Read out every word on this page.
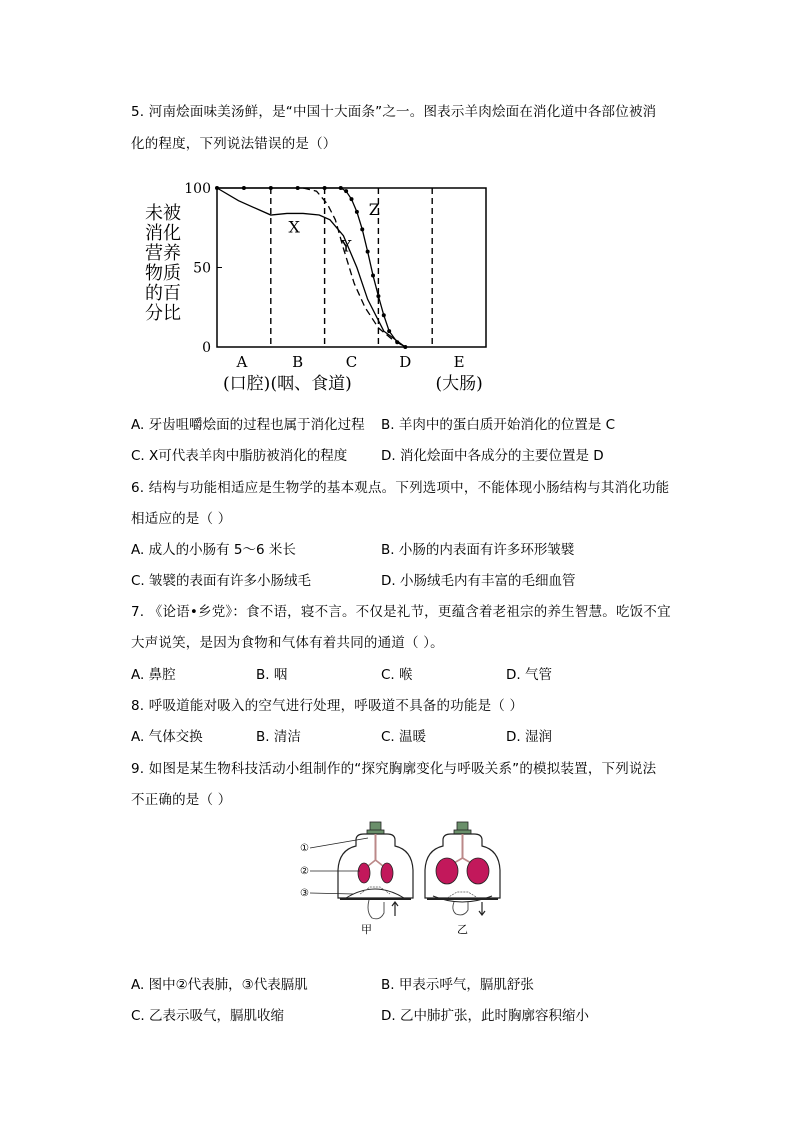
5. 河南烩面味美汤鲜，是“中国十大面条”之一。图表示羊肉烩面在消化道中各部位被消
化的程度，下列说法错误的是（）
100
50
0
未被
消化
营养
物质
的百
分比
A	B	C	D	E
(口腔) (咽、食道)	(大肠)
X
Y
Z
A. 牙齿咀嚼烩面的过程也属于消化过程 B. 羊肉中的蛋白质开始消化的位置是 C
C. X可代表羊肉中脂肪被消化的程度 D. 消化烩面中各成分的主要位置是 D
6. 结构与功能相适应是生物学的基本观点。下列选项中，不能体现小肠结构与其消化功能
相适应的是（ ）
A. 成人的小肠有 5～6 米长	B. 小肠的内表面有许多环形皱襞
C. 皱襞的表面有许多小肠绒毛	D. 小肠绒毛内有丰富的毛细血管
7. 《论语•乡党》：食不语，寝不言。不仅是礼节，更蕴含着老祖宗的养生智慧。吃饭不宜
大声说笑，是因为食物和气体有着共同的通道（ ）。
A. 鼻腔	B. 咽	C. 喉	D. 气管
8. 呼吸道能对吸入的空气进行处理，呼吸道不具备的功能是（ ）
A. 气体交换	B. 清洁	C. 温暖	D. 湿润
9. 如图是某生物科技活动小组制作的“探究胸廓变化与呼吸关系”的模拟装置，下列说法
不正确的是（ ）
①
②
③
甲	乙
A. 图中②代表肺，③代表膈肌	B. 甲表示呼气，膈肌舒张
C. 乙表示吸气，膈肌收缩	D. 乙中肺扩张，此时胸廓容积缩小
